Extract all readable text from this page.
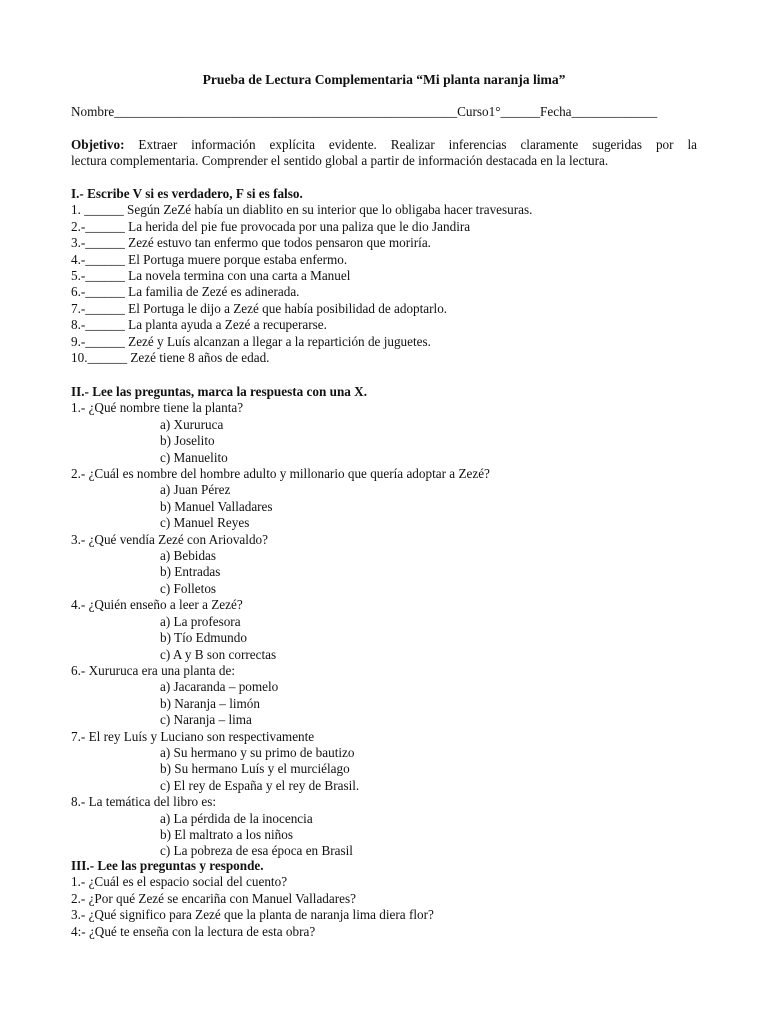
Prueba de Lectura Complementaria “Mi planta naranja lima”
Nombre____________________________________________________Curso1°______Fecha_____________
Objetivo: Extraer información explícita evidente. Realizar inferencias claramente sugeridas por la
lectura complementaria. Comprender el sentido global a partir de información destacada en la lectura.
I.- Escribe V si es verdadero, F si es falso.
1. ______ Según ZeZé había un diablito en su interior que lo obligaba hacer travesuras.
2.-______ La herida del pie fue provocada por una paliza que le dio Jandira
3.-______ Zezé estuvo tan enfermo que todos pensaron que moriría.
4.-______ El Portuga muere porque estaba enfermo.
5.-______ La novela termina con una carta a Manuel
6.-______ La familia de Zezé es adinerada.
7.-______ El Portuga le dijo a Zezé que había posibilidad de adoptarlo.
8.-______ La planta ayuda a Zezé a recuperarse.
9.-______ Zezé y Luís alcanzan a llegar a la repartición de juguetes.
10.______ Zezé tiene 8 años de edad.
II.- Lee las preguntas, marca la respuesta con una X.
1.- ¿Qué nombre tiene la planta?
a) Xururuca
b) Joselito
c) Manuelito
2.- ¿Cuál es nombre del hombre adulto y millonario que quería adoptar a Zezé?
a) Juan Pérez
b) Manuel Valladares
c) Manuel Reyes
3.- ¿Qué vendía Zezé con Ariovaldo?
a) Bebidas
b) Entradas
c) Folletos
4.- ¿Quién enseño a leer a Zezé?
a) La profesora
b) Tío Edmundo
c) A y B son correctas
6.- Xururuca era una planta de:
a) Jacaranda – pomelo
b) Naranja – limón
c) Naranja – lima
7.- El rey Luís y Luciano son respectivamente
a) Su hermano y su primo de bautizo
b) Su hermano Luís y el murciélago
c) El rey de España y el rey de Brasil.
8.- La temática del libro es:
a) La pérdida de la inocencia
b) El maltrato a los niños
c) La pobreza de esa época en Brasil
III.- Lee las preguntas y responde.
1.- ¿Cuál es el espacio social del cuento?
2.- ¿Por qué Zezé se encariña con Manuel Valladares?
3.- ¿Qué significo para Zezé que la planta de naranja lima diera flor?
4:- ¿Qué te enseña con la lectura de esta obra?
